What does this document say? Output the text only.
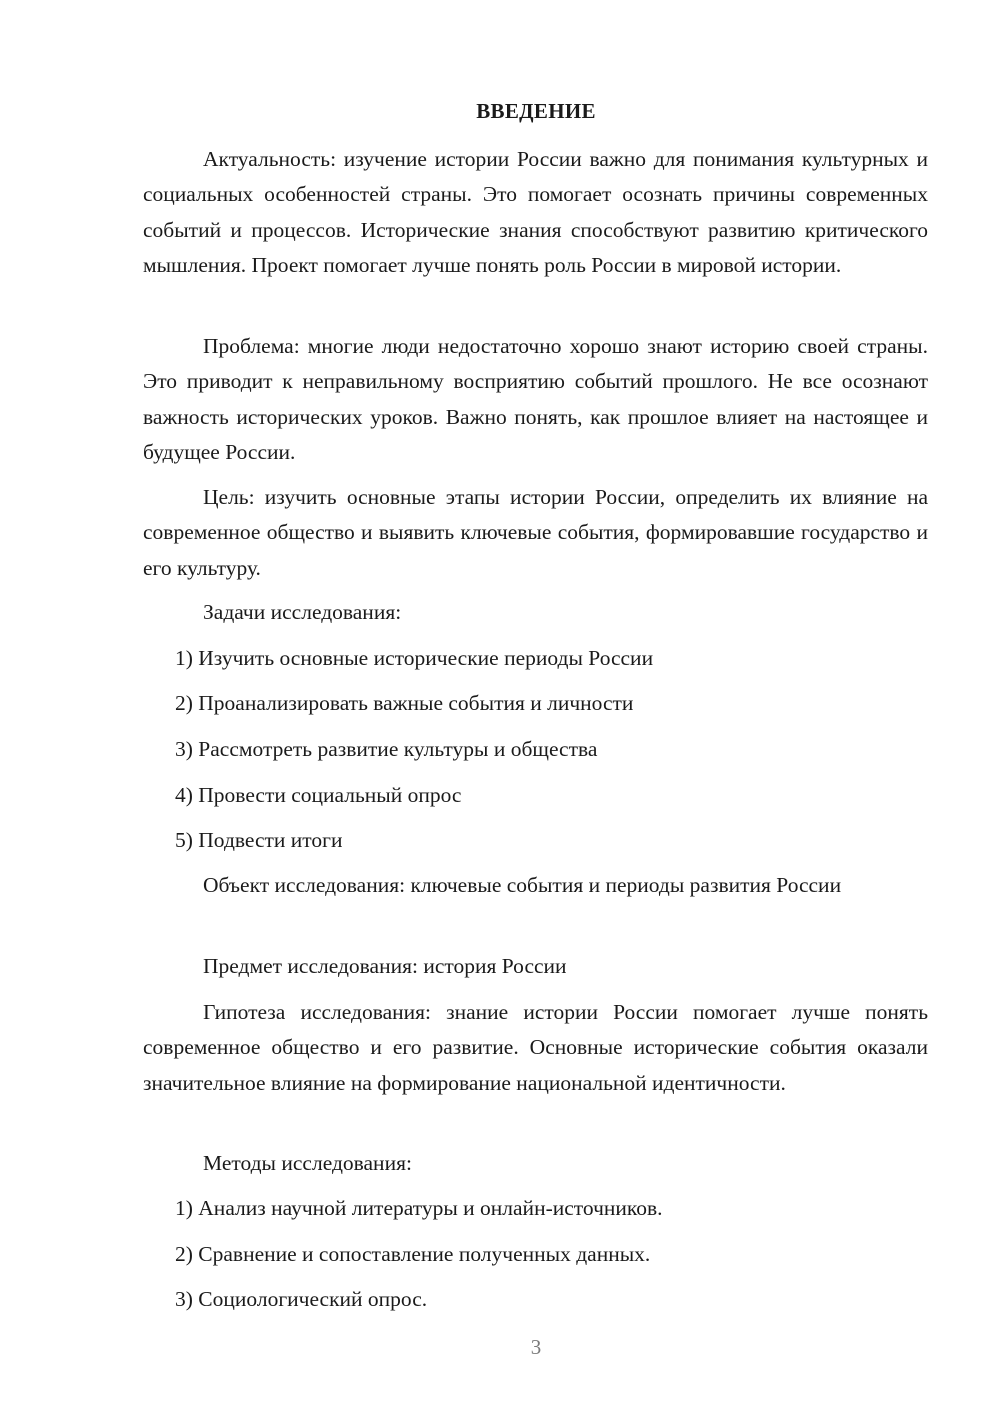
ВВЕДЕНИЕ

Актуальность: изучение истории России важно для понимания культурных и социальных особенностей страны. Это помогает осознать причины современных событий и процессов. Исторические знания способствуют развитию критического мышления. Проект помогает лучше понять роль России в мировой истории.

Проблема: многие люди недостаточно хорошо знают историю своей страны. Это приводит к неправильному восприятию событий прошлого. Не все осознают важность исторических уроков. Важно понять, как прошлое влияет на настоящее и будущее России.

Цель: изучить основные этапы истории России, определить их влияние на современное общество и выявить ключевые события, формировавшие государство и его культуру.

Задачи исследования:

1) Изучить основные исторические периоды России

2) Проанализировать важные события и личности

3) Рассмотреть развитие культуры и общества

4) Провести социальный опрос

5) Подвести итоги

Объект исследования: ключевые события и периоды развития России

Предмет исследования: история России

Гипотеза исследования: знание истории России помогает лучше понять современное общество и его развитие. Основные исторические события оказали значительное влияние на формирование национальной идентичности.

Методы исследования:

1) Анализ научной литературы и онлайн-источников.

2) Сравнение и сопоставление полученных данных.

3) Социологический опрос.

3
